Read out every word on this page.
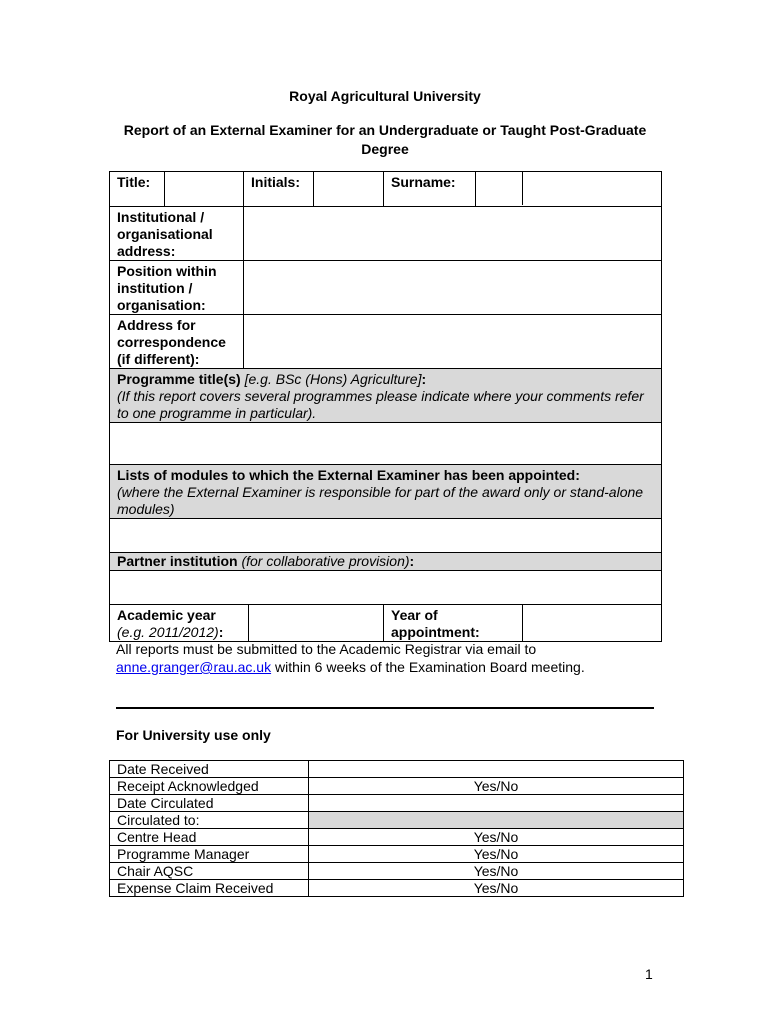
Royal Agricultural University
Report of an External Examiner for an Undergraduate or Taught Post-Graduate Degree
Title:		Initials:			Surname:		

Institutional / organisational address:							
Position within institution / organisation:							
Address for correspondence (if different):							
Programme title(s) [e.g. BSc (Hons) Agriculture]:
(If this report covers several programmes please indicate where your comments refer to one programme in particular).							

Lists of modules to which the External Examiner has been appointed:
(where the External Examiner is responsible for part of the award only or stand-alone modules)							

Partner institution (for collaborative provision):							

Academic year
(e.g. 2011/2012):					Year of appointment:		
All reports must be submitted to the Academic Registrar via email to
anne.granger@rau.ac.uk within 6 weeks of the Examination Board meeting.
For University use only
Date Received	
Receipt Acknowledged	Yes/No
Date Circulated	
Circulated to:	
Centre Head	Yes/No
Programme Manager	Yes/No
Chair AQSC	Yes/No
Expense Claim Received	Yes/No
1
